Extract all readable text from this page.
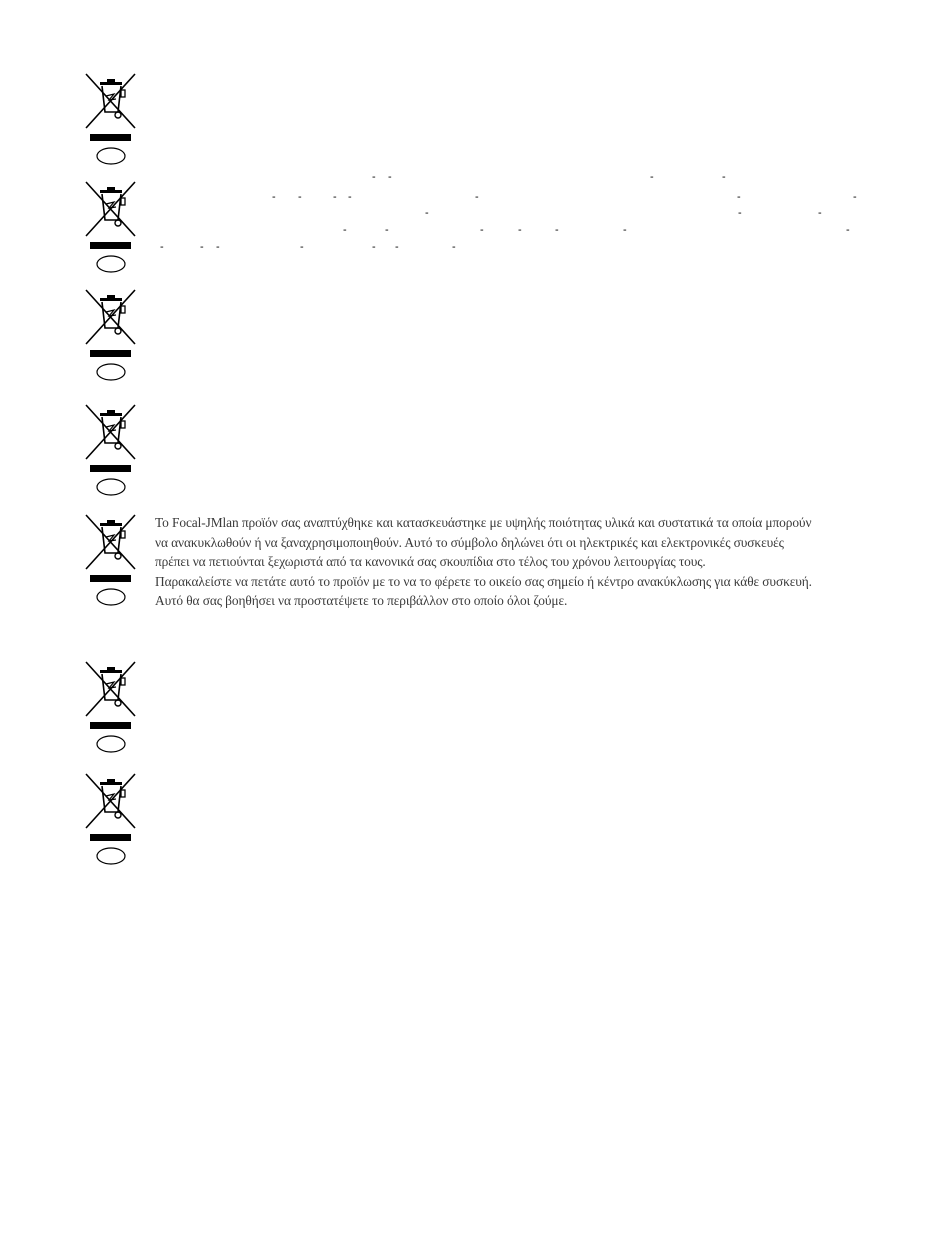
- -	-	-
- -	- -	-	-	-
-	-	-
-	-	-	-	-	-	-
-	- -	-	- -	-

Το Focal-JMlan προϊόν σας αναπτύχθηκε και κατασκευάστηκε με υψηλής ποιότητας υλικά και συστατικά τα οποία μπορούν να ανακυκλωθούν ή να ξαναχρησιμοποιηθούν. Αυτό το σύμβολο δηλώνει ότι οι ηλεκτρικές και ελεκτρονικές συσκευές πρέπει να πετιούνται ξεχωριστά από τα κανονικά σας σκουπίδια στο τέλος του χρόνου λειτουργίας τους.

Παρακαλείστε να πετάτε αυτό το προϊόν με το να το φέρετε το οικείο σας σημείο ή κέντρο ανακύκλωσης για κάθε συσκευή. Αυτό θα σας βοηθήσει να προστατέψετε το περιβάλλον στο οποίο όλοι ζούμε.
